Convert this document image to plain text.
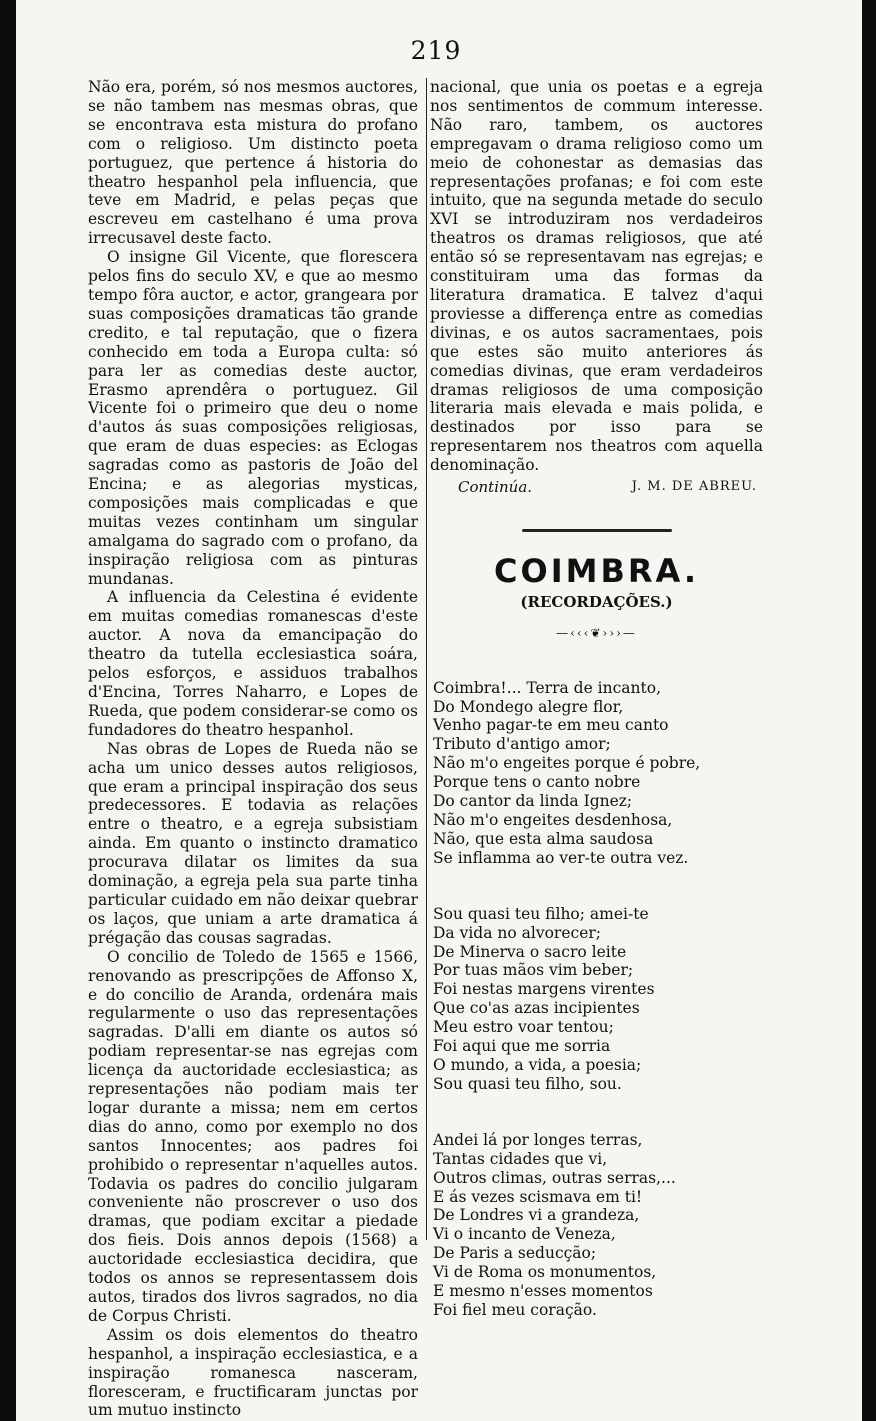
219

Não era, porém, só nos mesmos auctores, se não tambem nas mesmas obras, que se encontrava esta mistura do profano com o religioso. Um distincto poeta portuguez, que pertence á historia do theatro hespanhol pela influencia, que teve em Madrid, e pelas peças que escreveu em castelhano é uma prova irrecusavel deste facto.

O insigne Gil Vicente, que florescera pelos fins do seculo XV, e que ao mesmo tempo fôra auctor, e actor, grangeara por suas composições dramaticas tão grande credito, e tal reputação, que o fizera conhecido em toda a Europa culta: só para ler as comedias deste auctor, Erasmo aprendêra o portuguez. Gil Vicente foi o primeiro que deu o nome d'autos ás suas composições religiosas, que eram de duas especies: as Eclogas sagradas como as pastoris de João del Encina; e as alegorias mysticas, composições mais complicadas e que muitas vezes continham um singular amalgama do sagrado com o profano, da inspiração religiosa com as pinturas mundanas.

A influencia da Celestina é evidente em muitas comedias romanescas d'este auctor. A nova da emancipação do theatro da tutella ecclesiastica soára, pelos esforços, e assiduos trabalhos d'Encina, Torres Naharro, e Lopes de Rueda, que podem considerar-se como os fundadores do theatro hespanhol.

Nas obras de Lopes de Rueda não se acha um unico desses autos religiosos, que eram a principal inspiração dos seus predecessores. E todavia as relações entre o theatro, e a egreja subsistiam ainda. Em quanto o instincto dramatico procurava dilatar os limites da sua dominação, a egreja pela sua parte tinha particular cuidado em não deixar quebrar os laços, que uniam a arte dramatica á prégação das cousas sagradas.

O concilio de Toledo de 1565 e 1566, renovando as prescripções de Affonso X, e do concilio de Aranda, ordenára mais regularmente o uso das representações sagradas. D'alli em diante os autos só podiam representar-se nas egrejas com licença da auctoridade ecclesiastica; as representações não podiam mais ter logar durante a missa; nem em certos dias do anno, como por exemplo no dos santos Innocentes; aos padres foi prohibido o representar n'aquelles autos. Todavia os padres do concilio julgaram conveniente não proscrever o uso dos dramas, que podiam excitar a piedade dos fieis. Dois annos depois (1568) a auctoridade ecclesiastica decidira, que todos os annos se representassem dois autos, tirados dos livros sagrados, no dia de Corpus Christi.

Assim os dois elementos do theatro hespanhol, a inspiração ecclesiastica, e a inspiração romanesca nasceram, floresceram, e fructificaram junctas por um mutuo instincto

nacional, que unia os poetas e a egreja nos sentimentos de commum interesse. Não raro, tambem, os auctores empregavam o drama religioso como um meio de cohonestar as demasias das representações profanas; e foi com este intuito, que na segunda metade do seculo XVI se introduziram nos verdadeiros theatros os dramas religiosos, que até então só se representavam nas egrejas; e constituiram uma das formas da literatura dramatica. E talvez d'aqui proviesse a differença entre as comedias divinas, e os autos sacramentaes, pois que estes são muito anteriores ás comedias divinas, que eram verdadeiros dramas religiosos de uma composição literaria mais elevada e mais polida, e destinados por isso para se representarem nos theatros com aquella denominação.

Continúa.	J. M. DE ABREU.
COIMBRA.
(RECORDAÇÕES.)
—‹‹‹❦›››—
Coimbra!... Terra de incanto,
Do Mondego alegre flor,
Venho pagar-te em meu canto
Tributo d'antigo amor;
Não m'o engeites porque é pobre,
Porque tens o canto nobre
Do cantor da linda Ignez;
Não m'o engeites desdenhosa,
Não, que esta alma saudosa
Se inflamma ao ver-te outra vez.
Sou quasi teu filho; amei-te
Da vida no alvorecer;
De Minerva o sacro leite
Por tuas mãos vim beber;
Foi nestas margens virentes
Que co'as azas incipientes
Meu estro voar tentou;
Foi aqui que me sorria
O mundo, a vida, a poesia;
Sou quasi teu filho, sou.
Andei lá por longes terras,
Tantas cidades que vi,
Outros climas, outras serras,...
E ás vezes scismava em ti!
De Londres vi a grandeza,
Vi o incanto de Veneza,
De Paris a seducção;
Vi de Roma os monumentos,
E mesmo n'esses momentos
Foi fiel meu coração.
